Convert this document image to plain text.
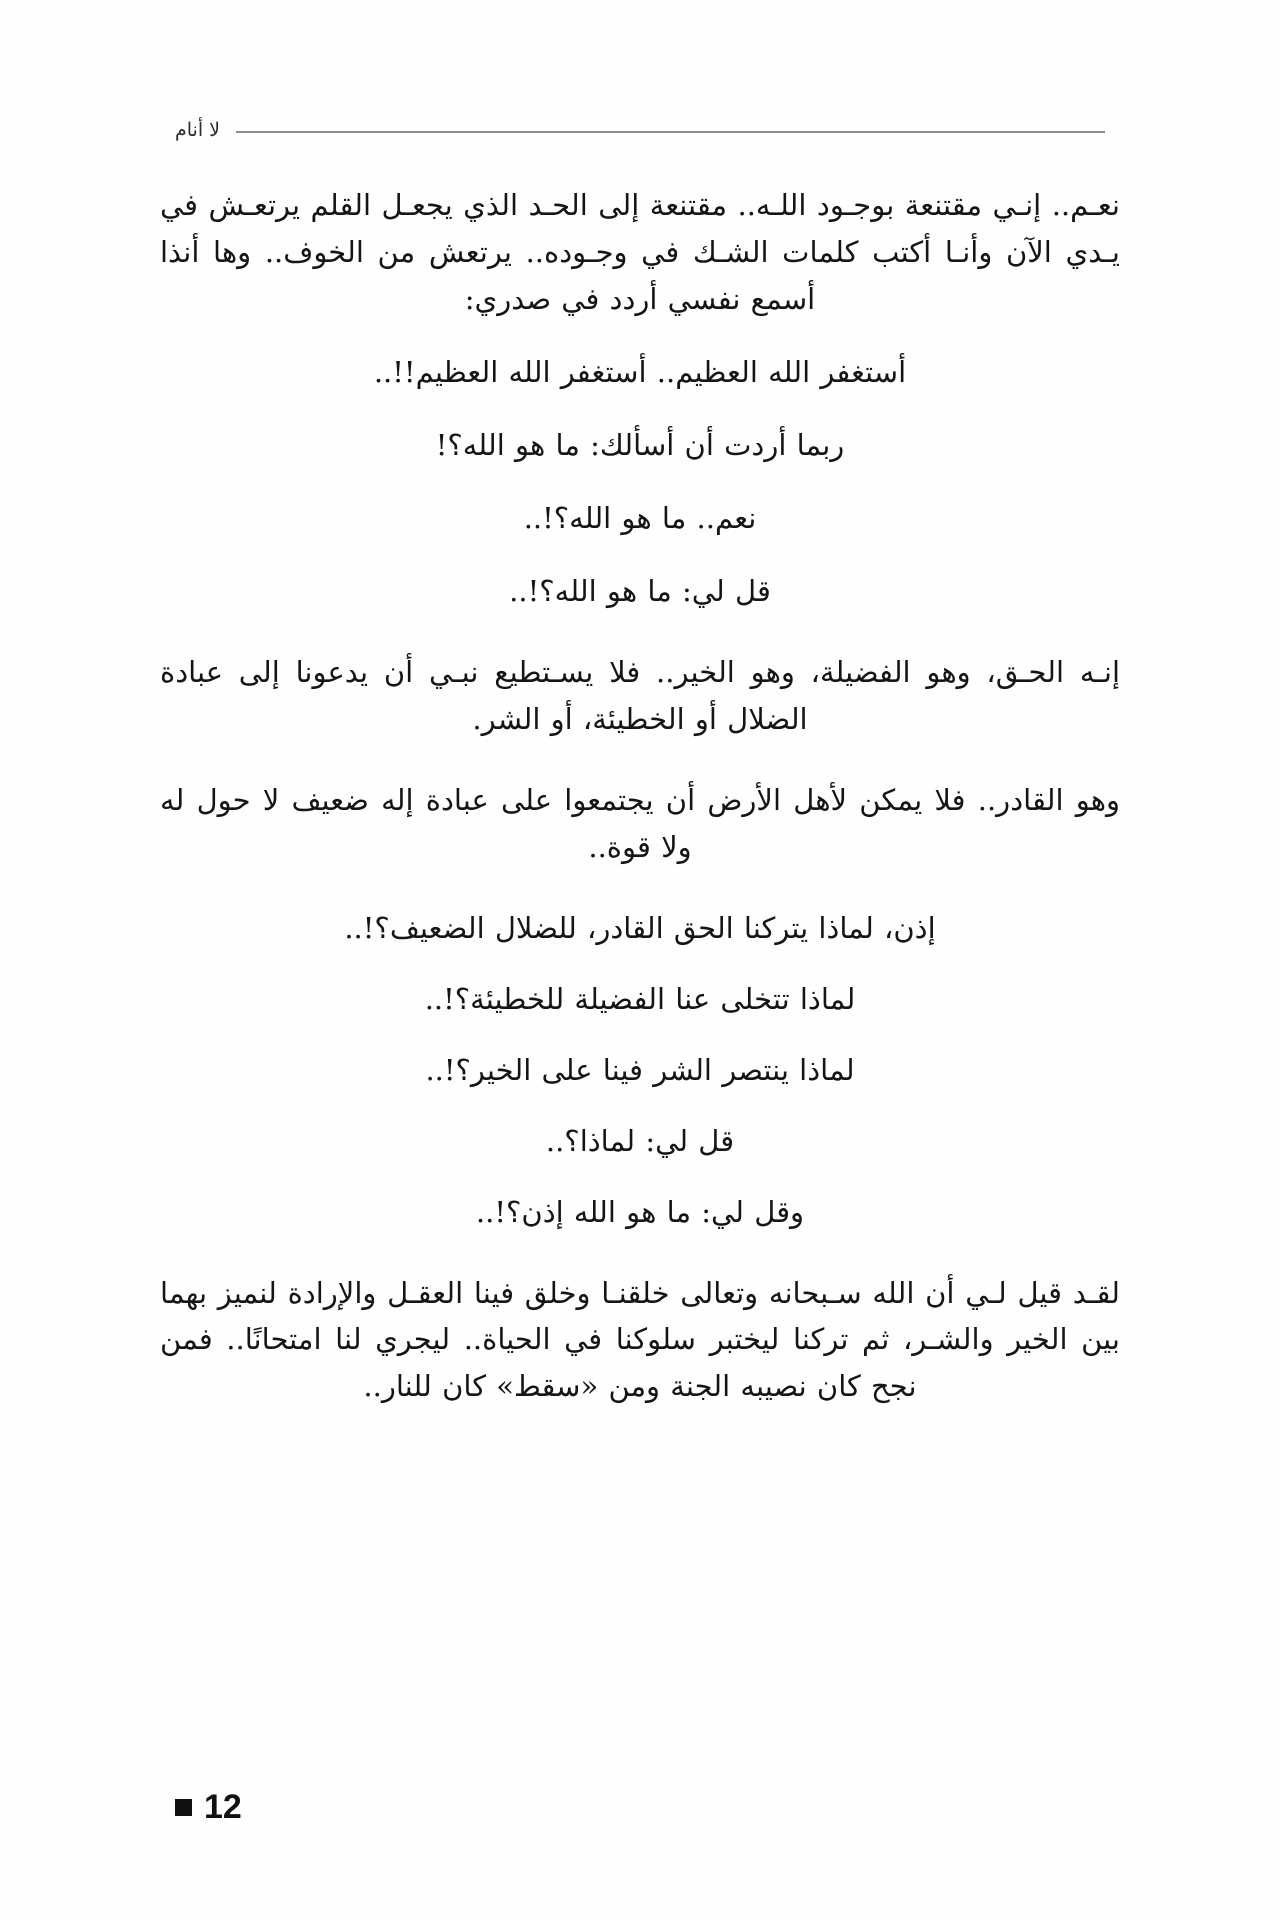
لا أنام

نعـم.. إنـي مقتنعة بوجـود اللـه.. مقتنعة إلى الحـد الذي يجعـل القلم يرتعـش في يـدي الآن وأنـا أكتب كلمات الشـك في وجـوده.. يرتعش من الخوف.. وها أنذا أسمع نفسي أردد في صدري:

أستغفر الله العظيم.. أستغفر الله العظيم!!..

ربما أردت أن أسألك: ما هو الله؟!

نعم.. ما هو الله؟!..

قل لي: ما هو الله؟!..

إنـه الحـق، وهو الفضيلة، وهو الخير.. فلا يسـتطيع نبـي أن يدعونا إلى عبادة الضلال أو الخطيئة، أو الشر.

وهو القادر.. فلا يمكن لأهل الأرض أن يجتمعوا على عبادة إله ضعيف لا حول له ولا قوة..

إذن، لماذا يتركنا الحق القادر، للضلال الضعيف؟!..

لماذا تتخلى عنا الفضيلة للخطيئة؟!..

لماذا ينتصر الشر فينا على الخير؟!..

قل لي: لماذا؟..

وقل لي: ما هو الله إذن؟!..

لقـد قيل لـي أن الله سـبحانه وتعالى خلقنـا وخلق فينا العقـل والإرادة لنميز بهما بين الخير والشـر، ثم تركنا ليختبر سلوكنا في الحياة.. ليجري لنا امتحانًا.. فمن نجح كان نصيبه الجنة ومن «سقط» كان للنار..

12
